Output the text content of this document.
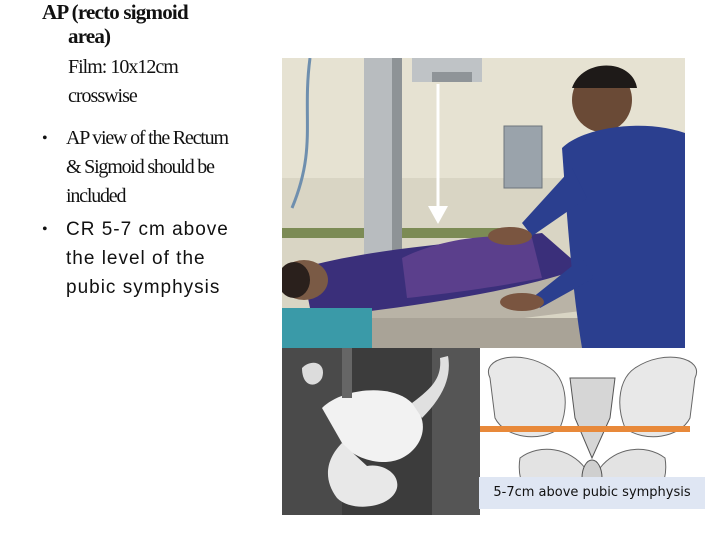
AP (recto sigmoid
area)
Film: 10x12cm
crosswise
• AP view of the Rectum
& Sigmoid should be
included
• CR 5-7 cm above
the level of the
pubic symphysis
5-7cm above pubic symphysis
